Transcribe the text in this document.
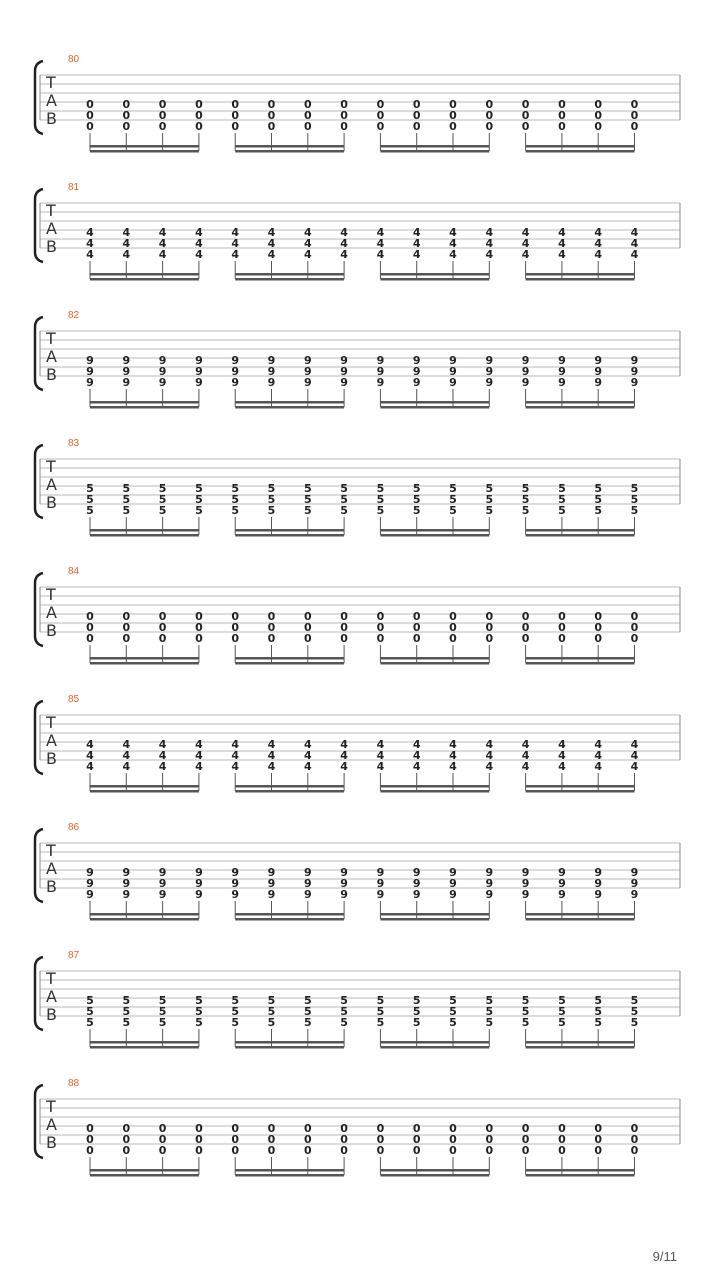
80
T
A
B
0
0
0
0
0
0
0
0
0
0
0
0
0
0
0
0
0
0
0
0
0
0
0
0
0
0
0
0
0
0
0
0
0
0
0
0
0
0
0
0
0
0
0
0
0
0
0
0
81
T
A
B
4
4
4
4
4
4
4
4
4
4
4
4
4
4
4
4
4
4
4
4
4
4
4
4
4
4
4
4
4
4
4
4
4
4
4
4
4
4
4
4
4
4
4
4
4
4
4
4
82
T
A
B
9
9
9
9
9
9
9
9
9
9
9
9
9
9
9
9
9
9
9
9
9
9
9
9
9
9
9
9
9
9
9
9
9
9
9
9
9
9
9
9
9
9
9
9
9
9
9
9
83
T
A
B
5
5
5
5
5
5
5
5
5
5
5
5
5
5
5
5
5
5
5
5
5
5
5
5
5
5
5
5
5
5
5
5
5
5
5
5
5
5
5
5
5
5
5
5
5
5
5
5
84
T
A
B
0
0
0
0
0
0
0
0
0
0
0
0
0
0
0
0
0
0
0
0
0
0
0
0
0
0
0
0
0
0
0
0
0
0
0
0
0
0
0
0
0
0
0
0
0
0
0
0
85
T
A
B
4
4
4
4
4
4
4
4
4
4
4
4
4
4
4
4
4
4
4
4
4
4
4
4
4
4
4
4
4
4
4
4
4
4
4
4
4
4
4
4
4
4
4
4
4
4
4
4
86
T
A
B
9
9
9
9
9
9
9
9
9
9
9
9
9
9
9
9
9
9
9
9
9
9
9
9
9
9
9
9
9
9
9
9
9
9
9
9
9
9
9
9
9
9
9
9
9
9
9
9
87
T
A
B
5
5
5
5
5
5
5
5
5
5
5
5
5
5
5
5
5
5
5
5
5
5
5
5
5
5
5
5
5
5
5
5
5
5
5
5
5
5
5
5
5
5
5
5
5
5
5
5
88
T
A
B
0
0
0
0
0
0
0
0
0
0
0
0
0
0
0
0
0
0
0
0
0
0
0
0
0
0
0
0
0
0
0
0
0
0
0
0
0
0
0
0
0
0
0
0
0
0
0
0
9/11
